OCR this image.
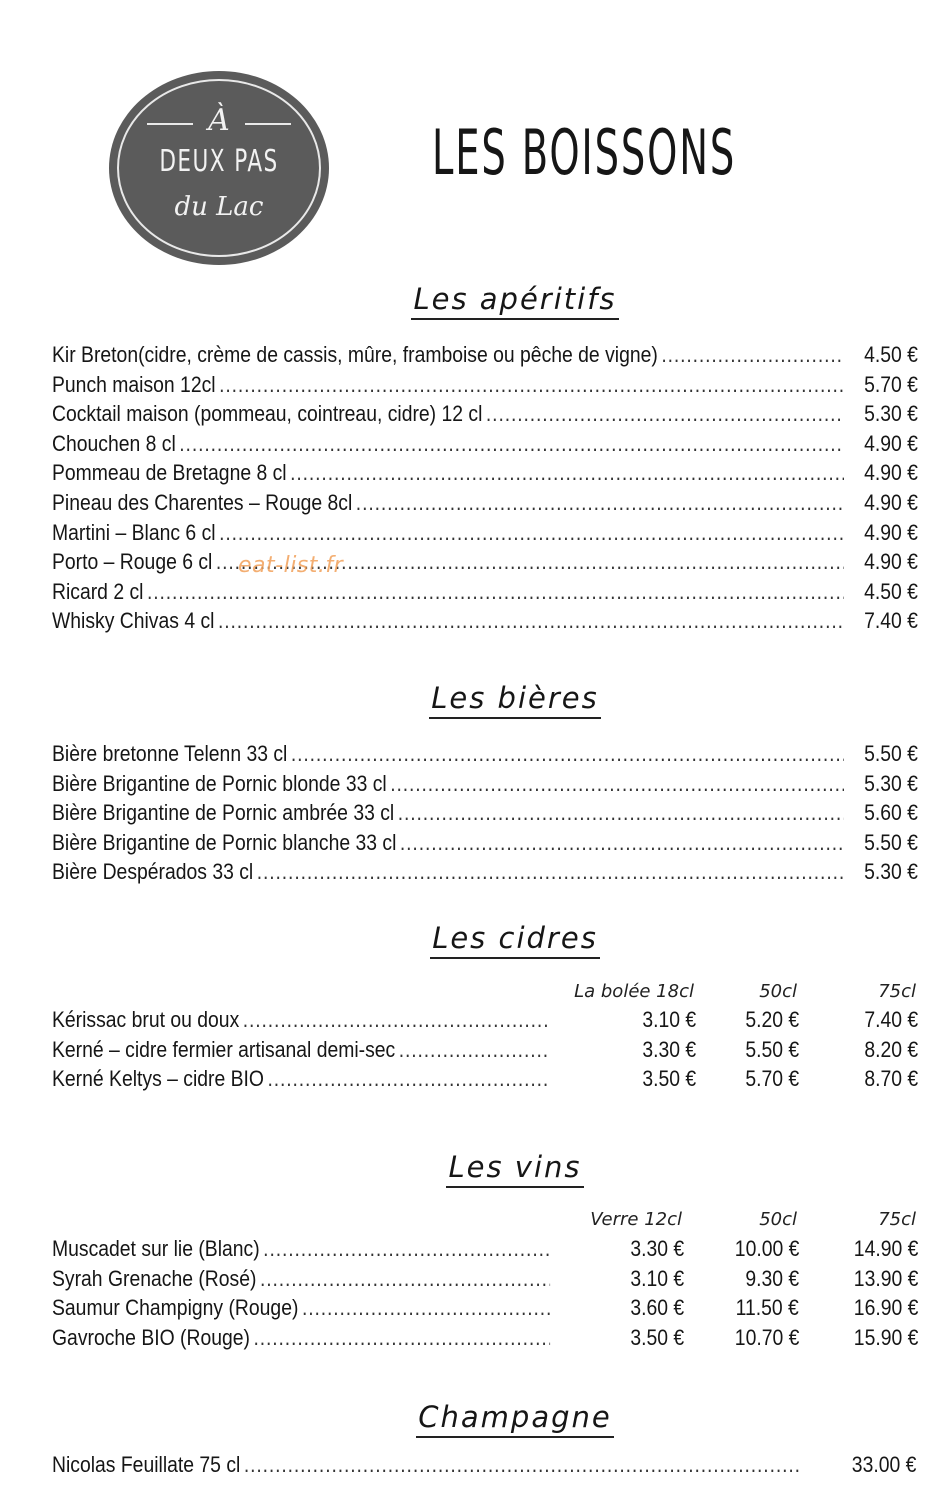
À
DEUX PAS
du Lac
LES BOISSONS
Les apéritifs
Kir Breton (cidre, crème de cassis, mûre, framboise ou pêche de vigne) .....	4.50 €
Punch maison 12cl .....	5.70 €
Cocktail maison (pommeau, cointreau, cidre) 12 cl .....	5.30 €
Chouchen 8 cl .....	4.90 €
Pommeau de Bretagne 8 cl .....	4.90 €
Pineau des Charentes – Rouge 8cl .....	4.90 €
Martini – Blanc 6 cl .....	4.90 €
Porto – Rouge 6 cl .....	4.90 €
Ricard 2 cl .....	4.50 €
Whisky Chivas 4 cl .....	7.40 €
eat-list.fr
Les bières
Bière bretonne Telenn 33 cl .....	5.50 €
Bière Brigantine de Pornic blonde 33 cl .....	5.30 €
Bière Brigantine de Pornic ambrée 33 cl .....	5.60 €
Bière Brigantine de Pornic blanche 33 cl .....	5.50 €
Bière Despérados 33 cl .....	5.30 €
Les cidres
La bolée 18cl	50cl	75cl
Kérissac brut ou doux .....	3.10 € 5.20 €	7.40 €
Kerné – cidre fermier artisanal demi-sec .....	3.30 € 5.50 €	8.20 €
Kerné Keltys – cidre BIO .....	3.50 € 5.70 €	8.70 €
Les vins
Verre 12cl	50cl	75cl
Muscadet sur lie (Blanc) .....	3.30 € 10.00 € 14.90 €
Syrah Grenache (Rosé) .....	3.10 €	9.30 € 13.90 €
Saumur Champigny (Rouge) .....	3.60 € 11.50 € 16.90 €
Gavroche BIO (Rouge) .....	3.50 € 10.70 € 15.90 €
Champagne
Nicolas Feuillate 75 cl .....	33.00 €
